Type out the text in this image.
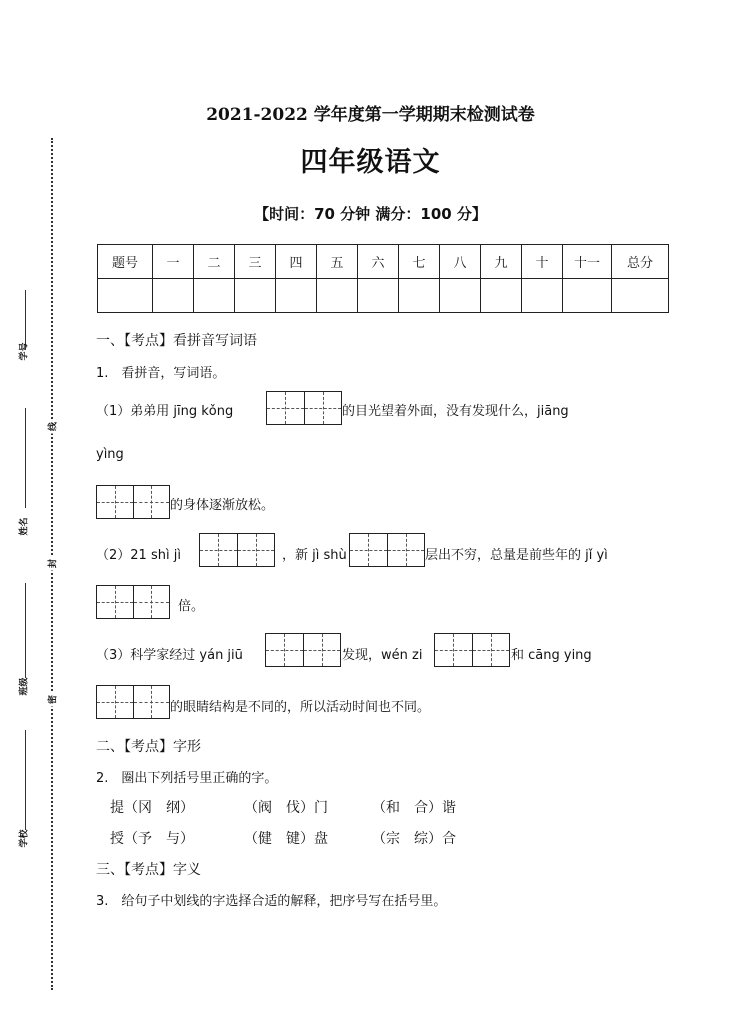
学号
姓名
班级
学校
线
封
密
2021-2022 学年度第一学期期末检测试卷
四年级语文
【时间：70 分钟 满分：100 分】
题号	一	二	三	四	五	六	七	八	九	十	十一	总分

一、【考点】看拼音写词语
1.　看拼音，写词语。
（1）弟弟用 jīng kǒng	的目光望着外面，没有发现什么，jiāng
yìng
的身体逐渐放松。
（2）21 shì jì	，新 jì shù	层出不穷，总量是前些年的 jǐ yì
倍。
（3）科学家经过 yán jiū	发现，wén zi	和 cāng ying
的眼睛结构是不同的，所以活动时间也不同。
二、【考点】字形
2.　圈出下列括号里正确的字。
提（冈　纲）	（阀　伐）门	（和　合）谐
授（予　与）	（健　键）盘	（宗　综）合
三、【考点】字义
3.　给句子中划线的字选择合适的解释，把序号写在括号里。
